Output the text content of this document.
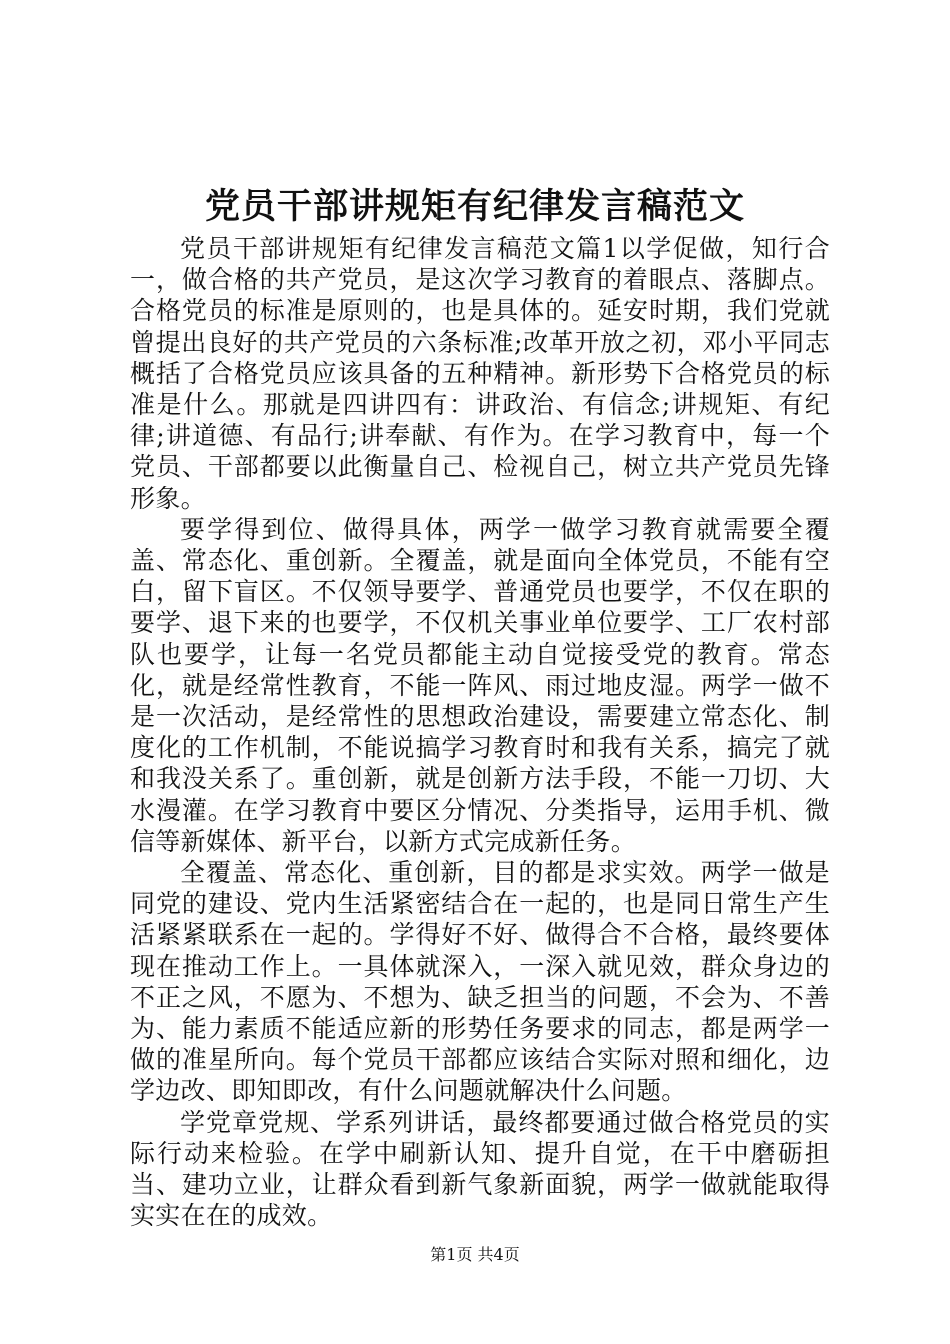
党员干部讲规矩有纪律发言稿范文

党员干部讲规矩有纪律发言稿范文篇1以学促做，知行合一，做合格的共产党员，是这次学习教育的着眼点、落脚点。合格党员的标准是原则的，也是具体的。延安时期，我们党就曾提出良好的共产党员的六条标准;改革开放之初，邓小平同志概括了合格党员应该具备的五种精神。新形势下合格党员的标准是什么。那就是四讲四有：讲政治、有信念;讲规矩、有纪律;讲道德、有品行;讲奉献、有作为。在学习教育中，每一个党员、干部都要以此衡量自己、检视自己，树立共产党员先锋形象。

要学得到位、做得具体，两学一做学习教育就需要全覆盖、常态化、重创新。全覆盖，就是面向全体党员，不能有空白，留下盲区。不仅领导要学、普通党员也要学，不仅在职的要学、退下来的也要学，不仅机关事业单位要学、工厂农村部队也要学，让每一名党员都能主动自觉接受党的教育。常态化，就是经常性教育，不能一阵风、雨过地皮湿。两学一做不是一次活动，是经常性的思想政治建设，需要建立常态化、制度化的工作机制，不能说搞学习教育时和我有关系，搞完了就和我没关系了。重创新，就是创新方法手段，不能一刀切、大水漫灌。在学习教育中要区分情况、分类指导，运用手机、微信等新媒体、新平台，以新方式完成新任务。

全覆盖、常态化、重创新，目的都是求实效。两学一做是同党的建设、党内生活紧密结合在一起的，也是同日常生产生活紧紧联系在一起的。学得好不好、做得合不合格，最终要体现在推动工作上。一具体就深入，一深入就见效，群众身边的不正之风，不愿为、不想为、缺乏担当的问题，不会为、不善为、能力素质不能适应新的形势任务要求的同志，都是两学一做的准星所向。每个党员干部都应该结合实际对照和细化，边学边改、即知即改，有什么问题就解决什么问题。

学党章党规、学系列讲话，最终都要通过做合格党员的实际行动来检验。在学中刷新认知、提升自觉，在干中磨砺担当、建功立业，让群众看到新气象新面貌，两学一做就能取得实实在在的成效。

第1页 共4页
